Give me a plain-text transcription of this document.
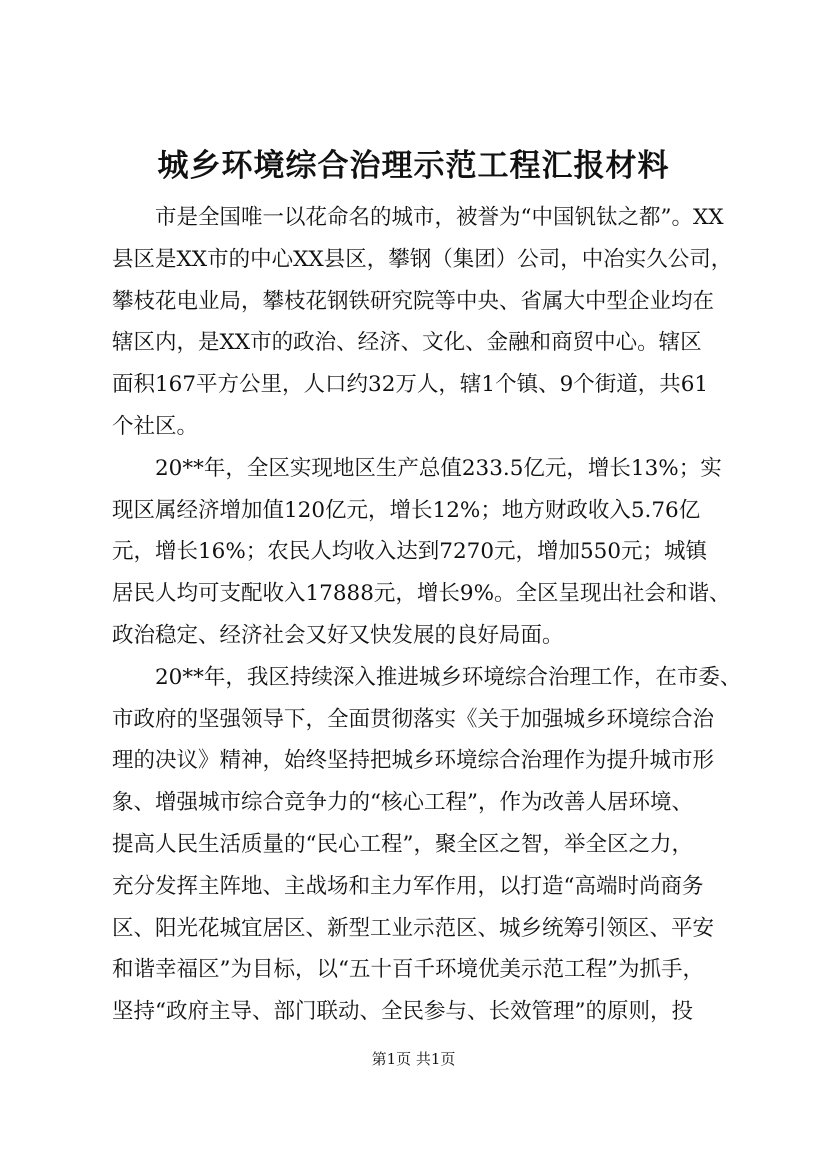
城乡环境综合治理示范工程汇报材料

　　市是全国唯一以花命名的城市，被誉为“中国钒钛之都”。XX
县区是XX市的中心XX县区，攀钢（集团）公司，中冶实久公司，
攀枝花电业局，攀枝花钢铁研究院等中央、省属大中型企业均在
辖区内，是XX市的政治、经济、文化、金融和商贸中心。辖区
面积167平方公里，人口约32万人，辖1个镇、9个街道，共61
个社区。

　　20**年，全区实现地区生产总值233.5亿元，增长13%；实
现区属经济增加值120亿元，增长12%；地方财政收入5.76亿
元，增长16%；农民人均收入达到7270元，增加550元；城镇
居民人均可支配收入17888元，增长9%。全区呈现出社会和谐、
政治稳定、经济社会又好又快发展的良好局面。

　　20**年，我区持续深入推进城乡环境综合治理工作，在市委、
市政府的坚强领导下，全面贯彻落实《关于加强城乡环境综合治
理的决议》精神，始终坚持把城乡环境综合治理作为提升城市形
象、增强城市综合竞争力的“核心工程”，作为改善人居环境、
提高人民生活质量的“民心工程”，聚全区之智，举全区之力，
充分发挥主阵地、主战场和主力军作用，以打造“高端时尚商务
区、阳光花城宜居区、新型工业示范区、城乡统筹引领区、平安
和谐幸福区”为目标，以“五十百千环境优美示范工程”为抓手，
坚持“政府主导、部门联动、全民参与、长效管理”的原则，投

第1页 共1页
